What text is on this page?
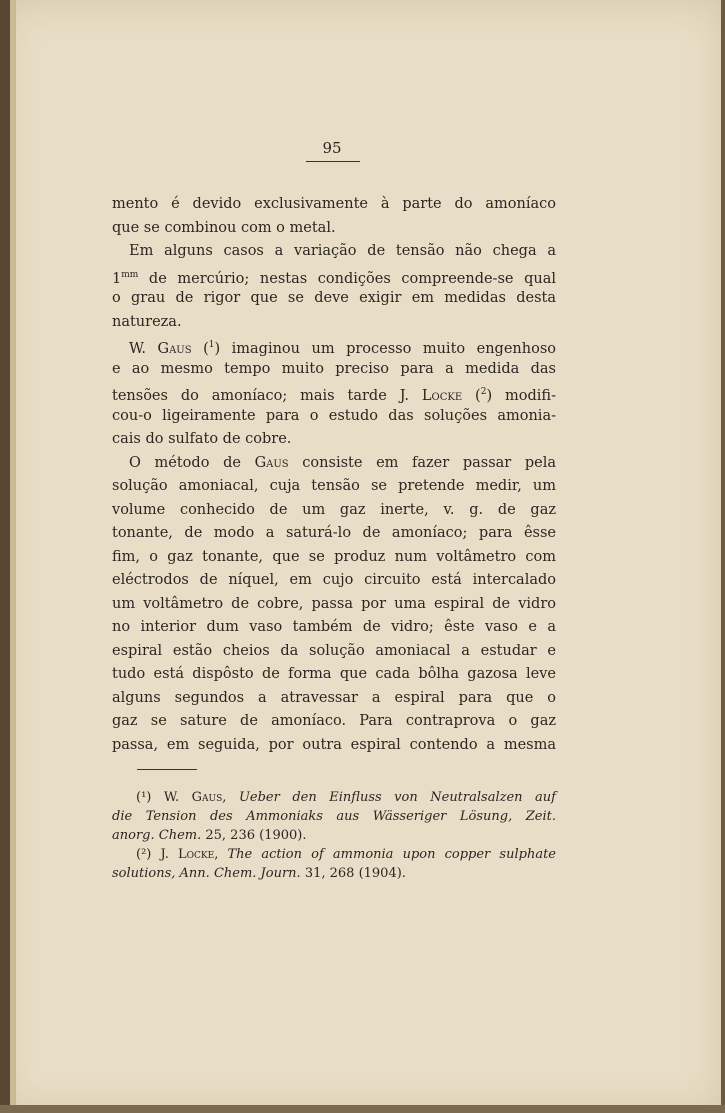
95
mento é devido exclusivamente à parte do amoníaco
que se combinou com o metal.
Em alguns casos a variação de tensão não chega a
$1^{mm}$ de mercúrio; nestas condições compreende-se qual
o grau de rigor que se deve exigir em medidas desta
natureza.
W. Gaus ($^1$) imaginou um processo muito engenhoso
e ao mesmo tempo muito preciso para a medida das
tensões do amoníaco; mais tarde J. Locke ($^2$) modifi-
cou-o ligeiramente para o estudo das soluções amonia-
cais do sulfato de cobre.
O método de Gaus consiste em fazer passar pela
solução amoniacal, cuja tensão se pretende medir, um
volume conhecido de um gaz inerte, v. g. de gaz
tonante, de modo a saturá-lo de amoníaco; para êsse
fim, o gaz tonante, que se produz num voltâmetro com
eléctrodos de níquel, em cujo circuito está intercalado
um voltâmetro de cobre, passa por uma espiral de vidro
no interior dum vaso também de vidro; êste vaso e a
espiral estão cheios da solução amoniacal a estudar e
tudo está dispôsto de forma que cada bôlha gazosa leve
alguns segundos a atravessar a espiral para que o
gaz se sature de amoníaco. Para contraprova o gaz
passa, em seguida, por outra espiral contendo a mesma
(¹) W. Gaus, Ueber den Einfluss von Neutralsalzen auf
die Tension des Ammoniaks aus Wässeriger Lösung, Zeit.
anorg. Chem. 25, 236 (1900).
(²) J. Locke, The action of ammonia upon copper sulphate
solutions, Ann. Chem. Journ. 31, 268 (1904).
